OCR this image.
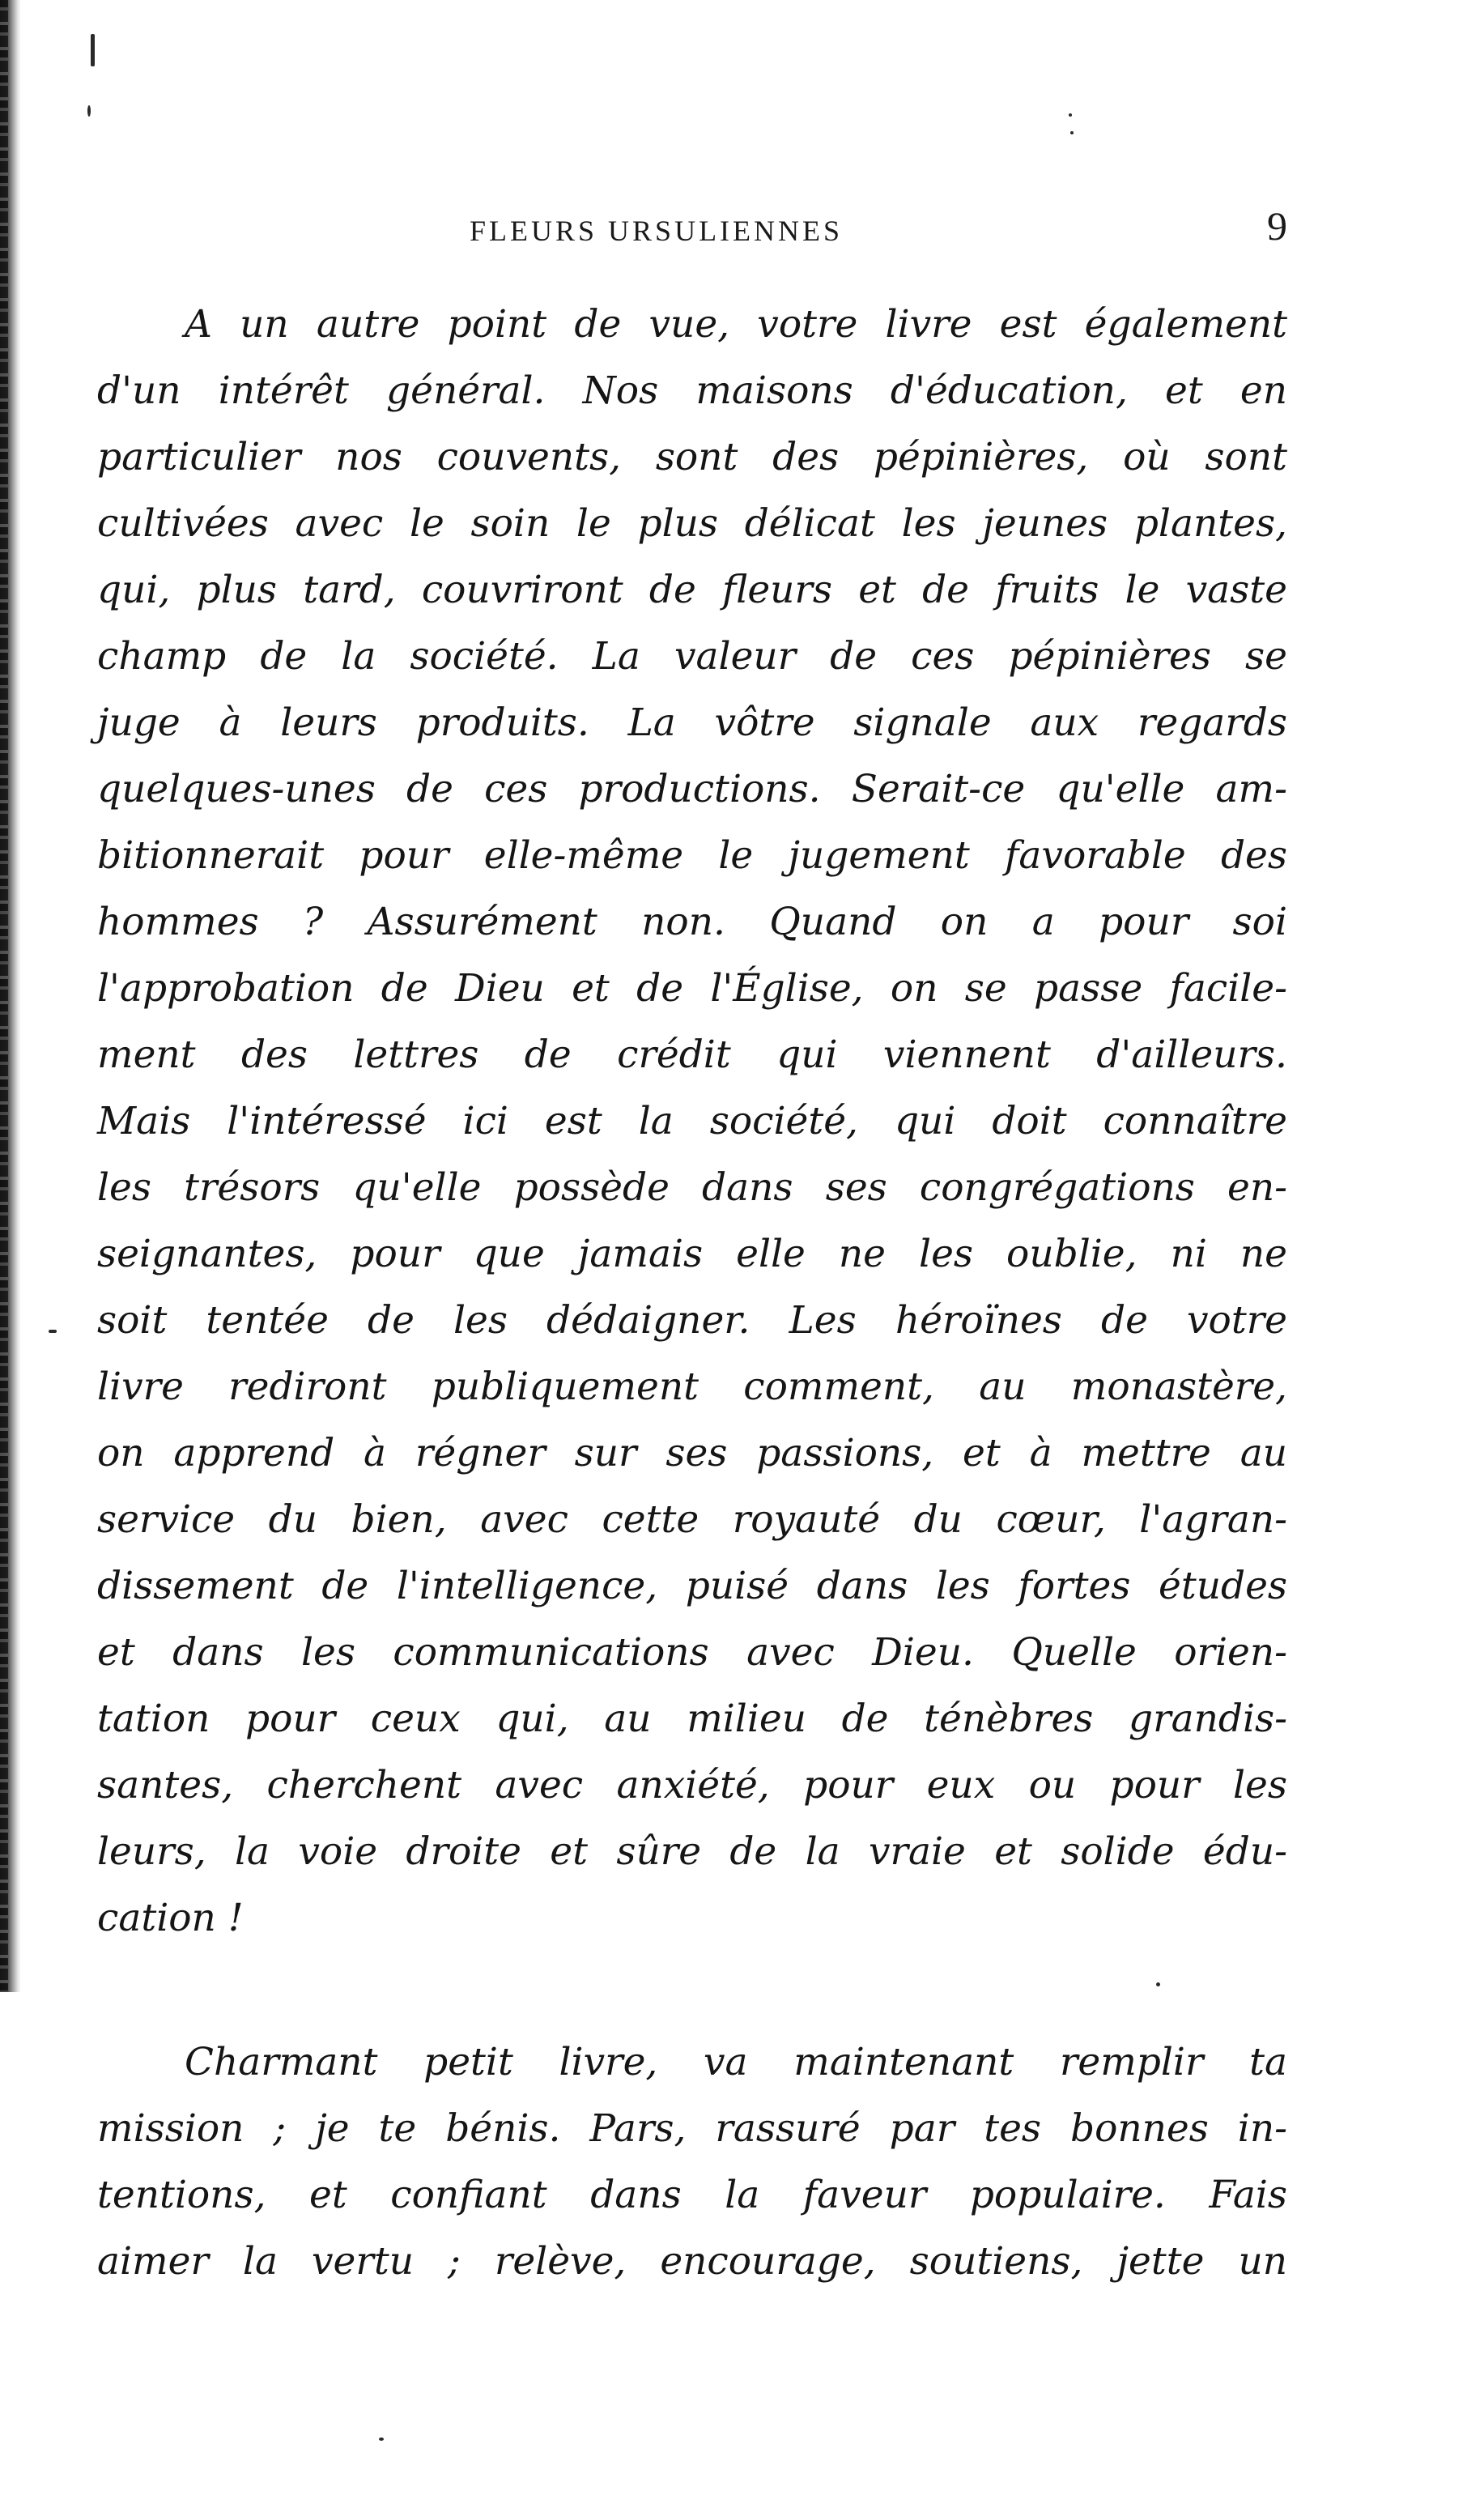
FLEURS URSULIENNES	9
A un autre point de vue, votre livre est également
d'un intérêt général. Nos maisons d'éducation, et en
particulier nos couvents, sont des pépinières, où sont
cultivées avec le soin le plus délicat les jeunes plantes,
qui, plus tard, couvriront de fleurs et de fruits le vaste
champ de la société. La valeur de ces pépinières se
juge à leurs produits. La vôtre signale aux regards
quelques-unes de ces productions. Serait-ce qu'elle am-
bitionnerait pour elle-même le jugement favorable des
hommes ? Assurément non. Quand on a pour soi
l'approbation de Dieu et de l'Église, on se passe facile-
ment des lettres de crédit qui viennent d'ailleurs.
Mais l'intéressé ici est la société, qui doit connaître
les trésors qu'elle possède dans ses congrégations en-
seignantes, pour que jamais elle ne les oublie, ni ne
soit tentée de les dédaigner. Les héroïnes de votre
livre rediront publiquement comment, au monastère,
on apprend à régner sur ses passions, et à mettre au
service du bien, avec cette royauté du cœur, l'agran-
dissement de l'intelligence, puisé dans les fortes études
et dans les communications avec Dieu. Quelle orien-
tation pour ceux qui, au milieu de ténèbres grandis-
santes, cherchent avec anxiété, pour eux ou pour les
leurs, la voie droite et sûre de la vraie et solide édu-
cation !
Charmant petit livre, va maintenant remplir ta
mission ; je te bénis. Pars, rassuré par tes bonnes in-
tentions, et confiant dans la faveur populaire. Fais
aimer la vertu ; relève, encourage, soutiens, jette un
